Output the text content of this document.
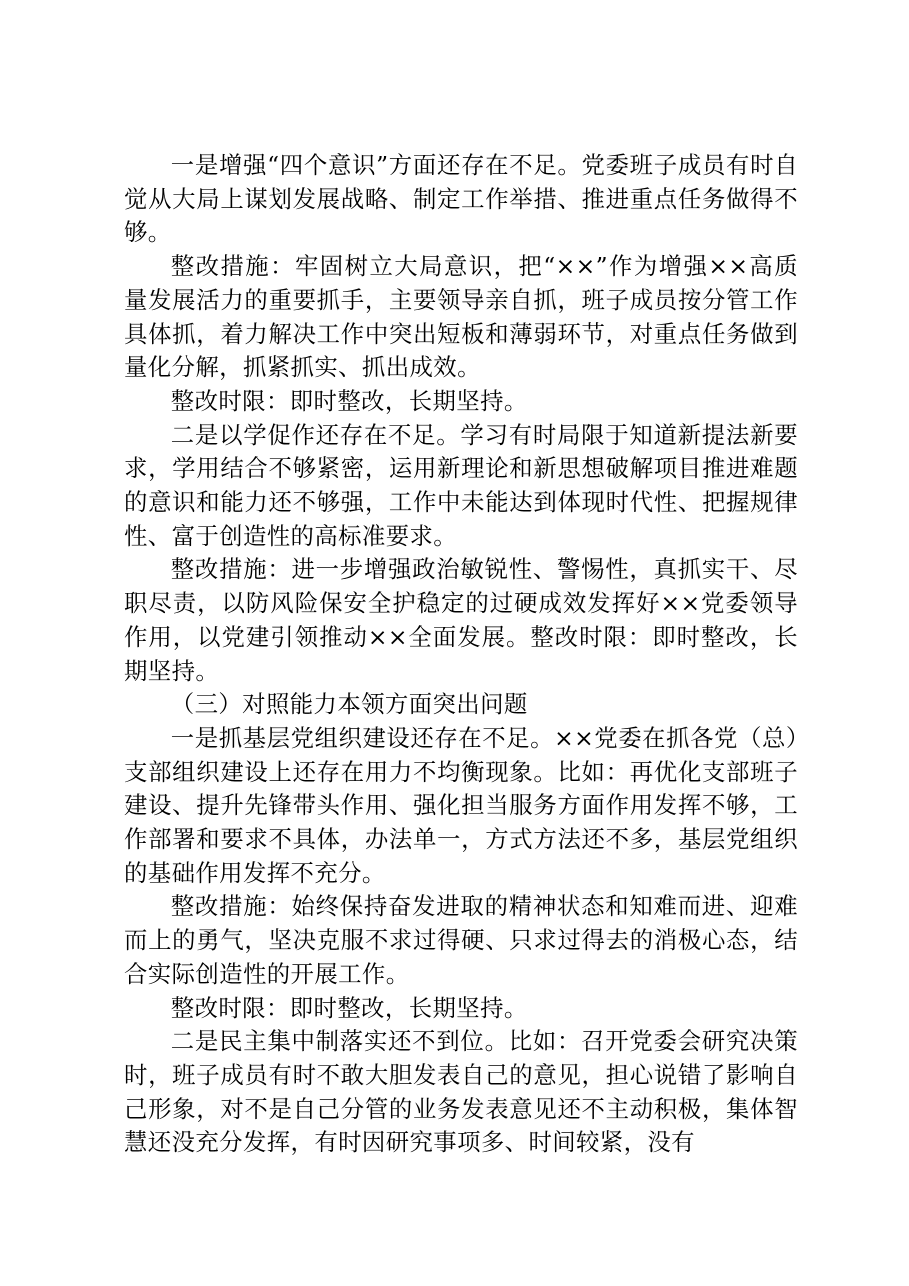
一是增强“四个意识”方面还存在不足。党委班子成员有时自觉从大局上谋划发展战略、制定工作举措、推进重点任务做得不够。

整改措施：牢固树立大局意识，把“××”作为增强××高质量发展活力的重要抓手，主要领导亲自抓，班子成员按分管工作具体抓，着力解决工作中突出短板和薄弱环节，对重点任务做到量化分解，抓紧抓实、抓出成效。

整改时限：即时整改，长期坚持。

二是以学促作还存在不足。学习有时局限于知道新提法新要求，学用结合不够紧密，运用新理论和新思想破解项目推进难题的意识和能力还不够强，工作中未能达到体现时代性、把握规律性、富于创造性的高标准要求。

整改措施：进一步增强政治敏锐性、警惕性，真抓实干、尽职尽责，以防风险保安全护稳定的过硬成效发挥好××党委领导作用，以党建引领推动××全面发展。整改时限：即时整改，长期坚持。

（三）对照能力本领方面突出问题

一是抓基层党组织建设还存在不足。××党委在抓各党（总）支部组织建设上还存在用力不均衡现象。比如：再优化支部班子建设、提升先锋带头作用、强化担当服务方面作用发挥不够，工作部署和要求不具体，办法单一，方式方法还不多，基层党组织的基础作用发挥不充分。

整改措施：始终保持奋发进取的精神状态和知难而进、迎难而上的勇气，坚决克服不求过得硬、只求过得去的消极心态，结合实际创造性的开展工作。

整改时限：即时整改，长期坚持。

二是民主集中制落实还不到位。比如：召开党委会研究决策时，班子成员有时不敢大胆发表自己的意见，担心说错了影响自己形象，对不是自己分管的业务发表意见还不主动积极，集体智慧还没充分发挥，有时因研究事项多、时间较紧，没有
